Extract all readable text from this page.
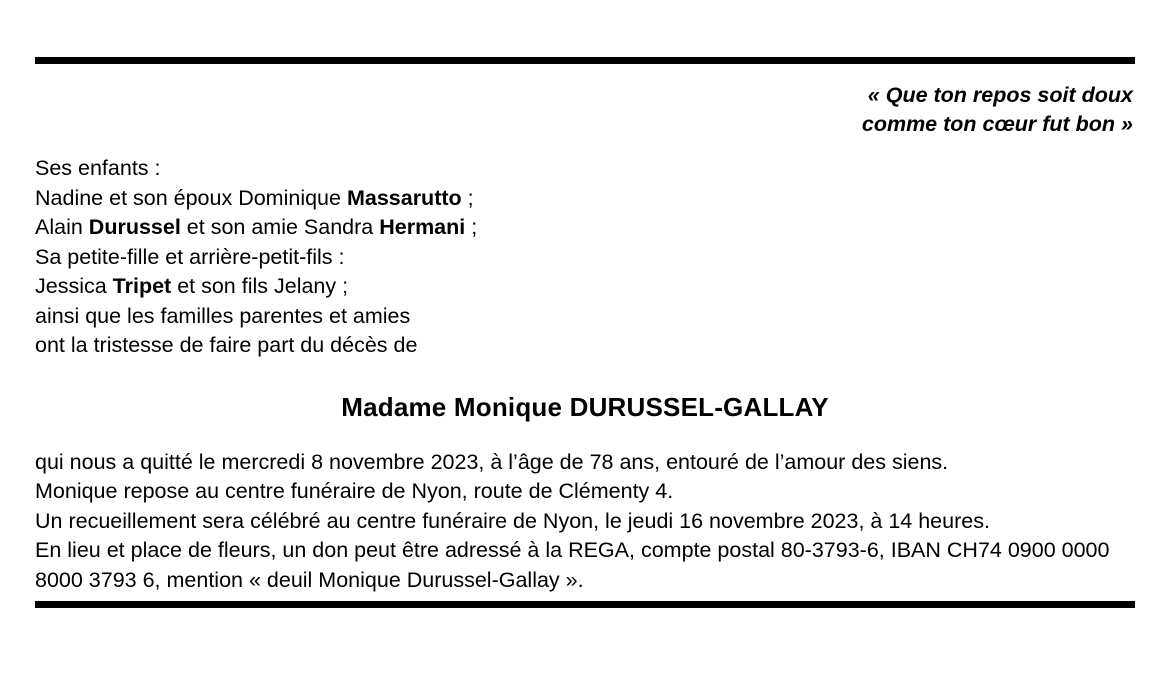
« Que ton repos soit doux
comme ton cœur fut bon »
Ses enfants :
Nadine et son époux Dominique Massarutto ;
Alain Durussel et son amie Sandra Hermani ;
Sa petite-fille et arrière-petit-fils :
Jessica Tripet et son fils Jelany ;
ainsi que les familles parentes et amies
ont la tristesse de faire part du décès de
Madame Monique DURUSSEL-GALLAY

qui nous a quitté le mercredi 8 novembre 2023, à l’âge de 78 ans, entouré de l’amour des siens.

Monique repose au centre funéraire de Nyon, route de Clémenty 4.

Un recueillement sera célébré au centre funéraire de Nyon, le jeudi 16 novembre 2023, à 14 heures.

En lieu et place de fleurs, un don peut être adressé à la REGA, compte postal 80-3793-6, IBAN CH74 0900 0000 8000 3793 6, mention « deuil Monique Durussel-Gallay ».
